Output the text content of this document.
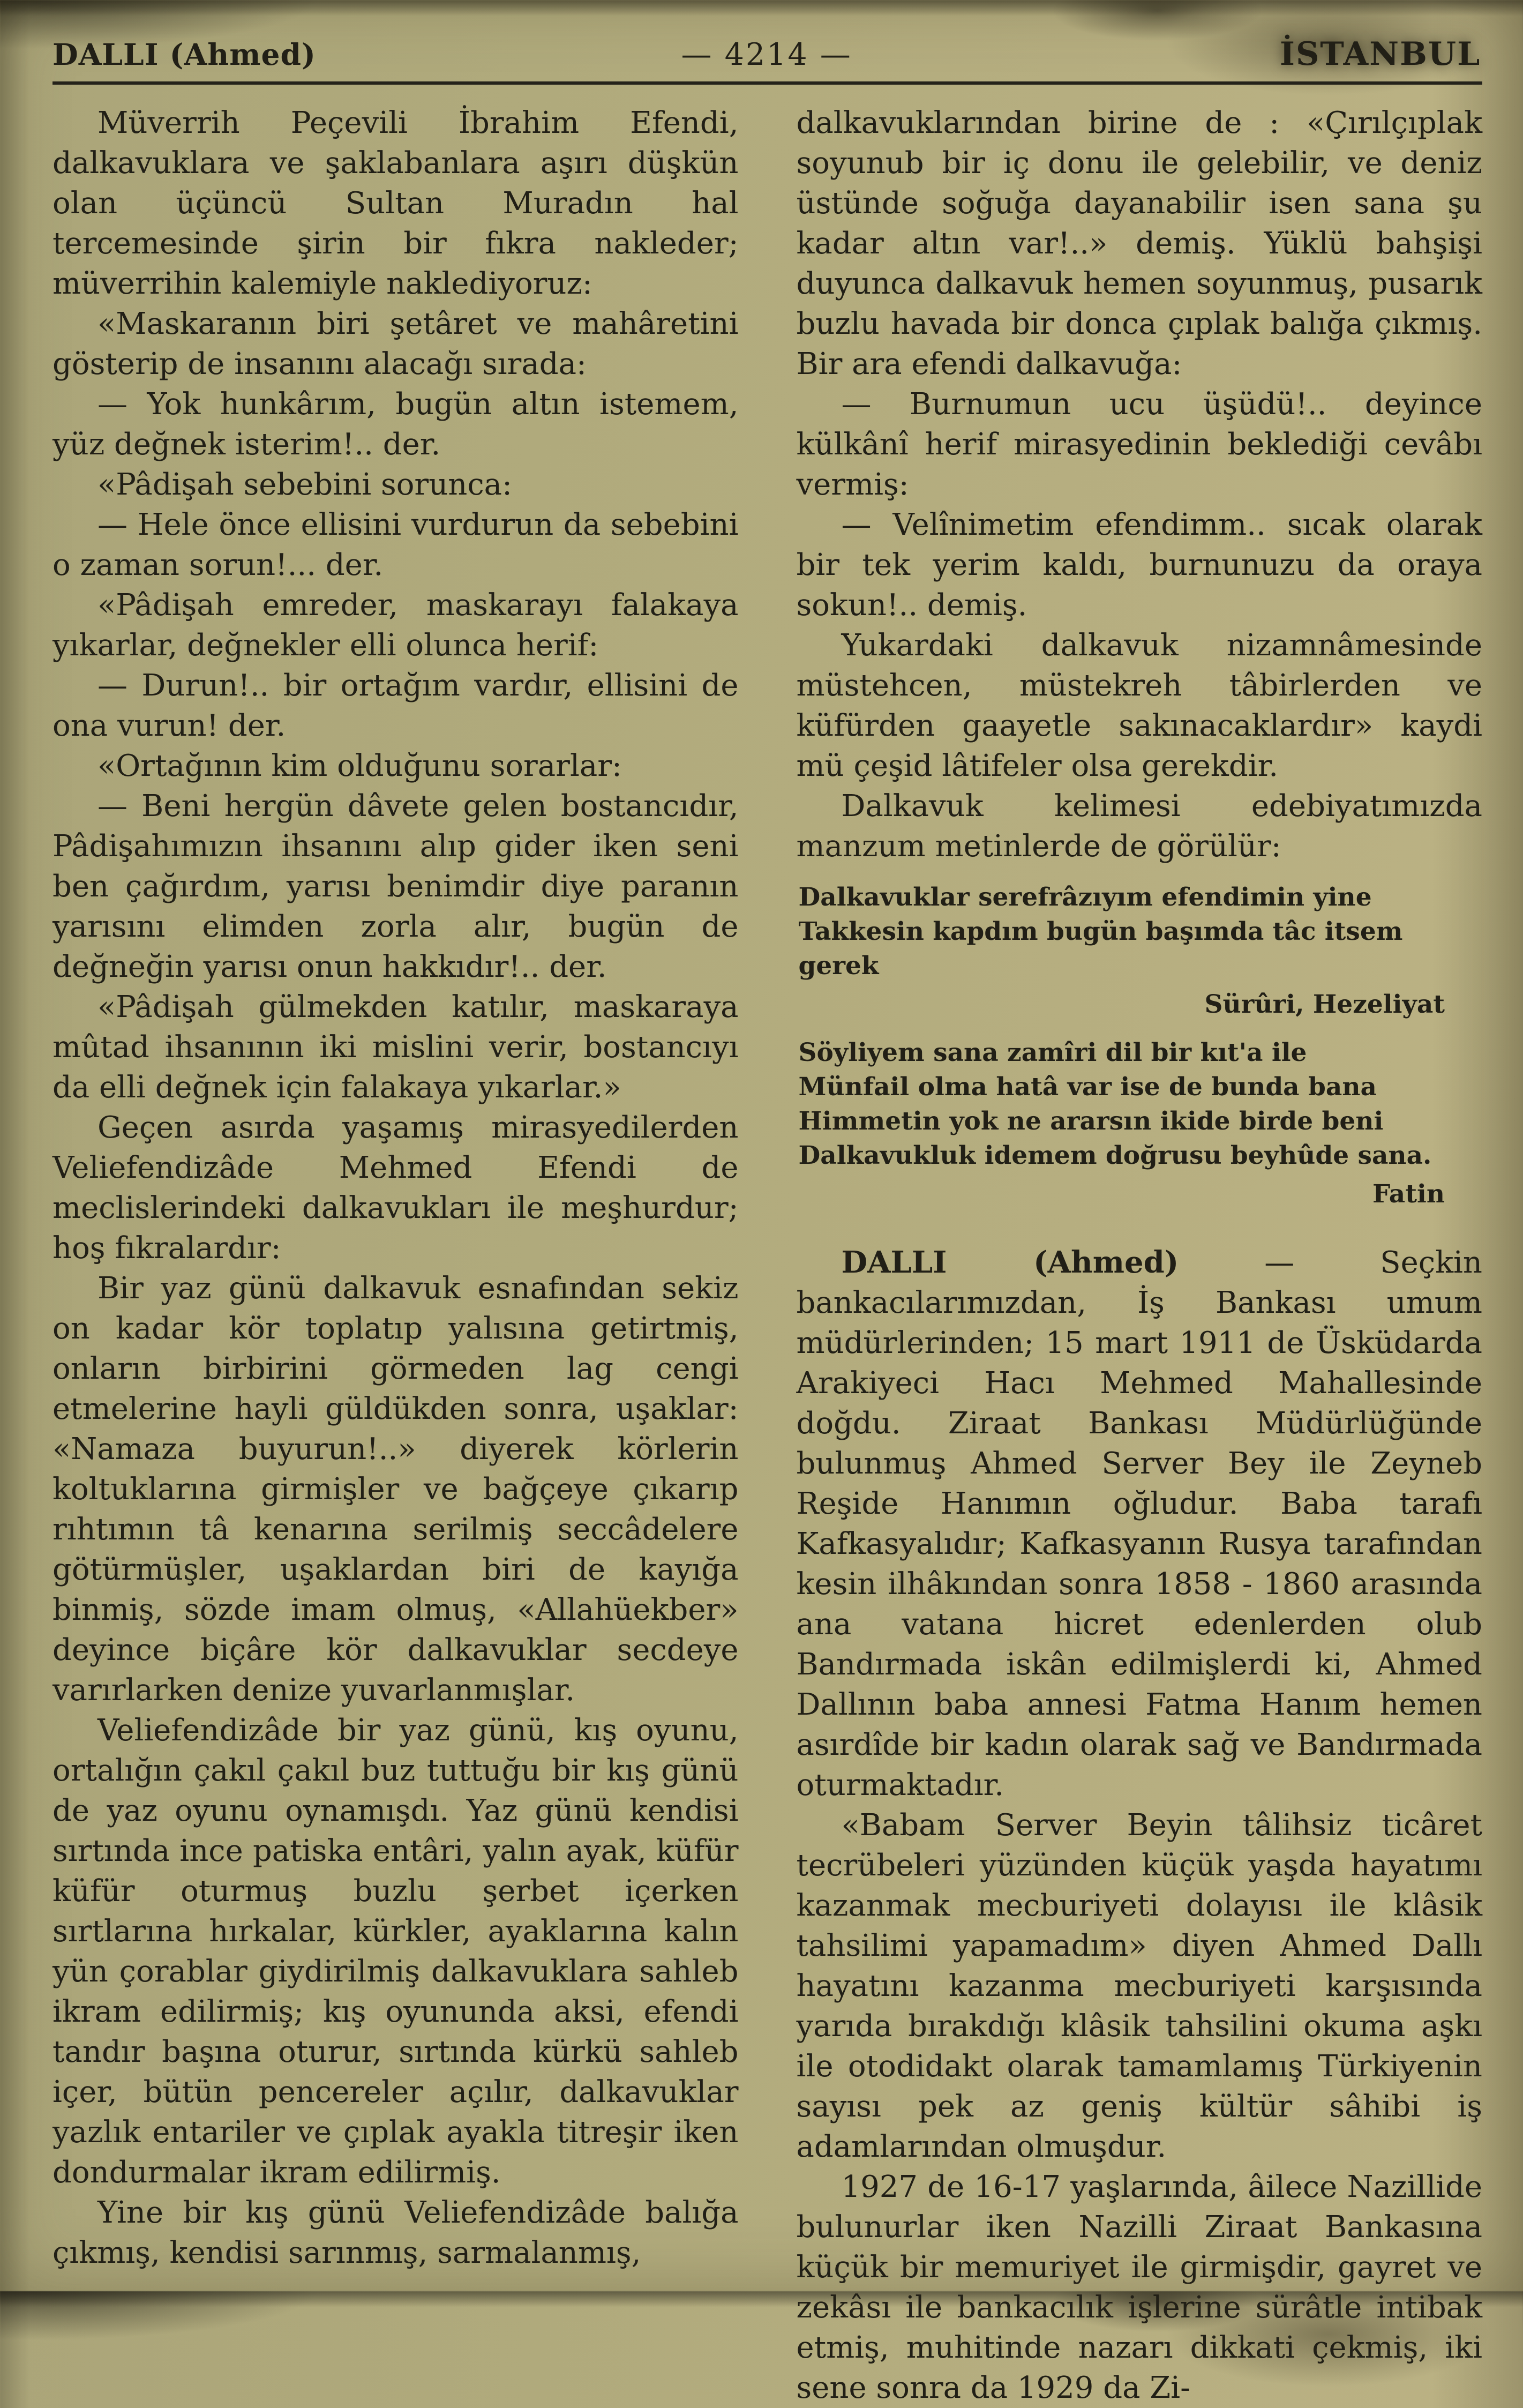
DALLI (Ahmed)	— 4214 —	İSTANBUL

Müverrih Peçevili İbrahim Efendi, dalkavuklara ve şaklabanlara aşırı düşkün olan üçüncü Sultan Muradın hal tercemesinde şirin bir fıkra nakleder; müverrihin kalemiyle naklediyoruz:

«Maskaranın biri şetâret ve mahâretini gösterip de insanını alacağı sırada:

— Yok hunkârım, bugün altın istemem, yüz değnek isterim!.. der.

«Pâdişah sebebini sorunca:

— Hele önce ellisini vurdurun da sebebini o zaman sorun!... der.

«Pâdişah emreder, maskarayı falakaya yıkarlar, değnekler elli olunca herif:

— Durun!.. bir ortağım vardır, ellisini de ona vurun! der.

«Ortağının kim olduğunu sorarlar:

— Beni hergün dâvete gelen bostancıdır, Pâdişahımızın ihsanını alıp gider iken seni ben çağırdım, yarısı benimdir diye paranın yarısını elimden zorla alır, bugün de değneğin yarısı onun hakkıdır!.. der.

«Pâdişah gülmekden katılır, maskaraya mûtad ihsanının iki mislini verir, bostancıyı da elli değnek için falakaya yıkarlar.»

Geçen asırda yaşamış mirasyedilerden Veliefendizâde Mehmed Efendi de meclislerindeki dalkavukları ile meşhurdur; hoş fıkralardır:

Bir yaz günü dalkavuk esnafından sekiz on kadar kör toplatıp yalısına getirtmiş, onların birbirini görmeden lag cengi etmelerine hayli güldükden sonra, uşaklar: «Namaza buyurun!..» diyerek körlerin koltuklarına girmişler ve bağçeye çıkarıp rıhtımın tâ kenarına serilmiş seccâdelere götürmüşler, uşaklardan biri de kayığa binmiş, sözde imam olmuş, «Allahüekber» deyince biçâre kör dalkavuklar secdeye varırlarken denize yuvarlanmışlar.

Veliefendizâde bir yaz günü, kış oyunu, ortalığın çakıl çakıl buz tuttuğu bir kış günü de yaz oyunu oynamışdı. Yaz günü kendisi sırtında ince patiska entâri, yalın ayak, küfür küfür oturmuş buzlu şerbet içerken sırtlarına hırkalar, kürkler, ayaklarına kalın yün çorablar giydirilmiş dalkavuklara sahleb ikram edilirmiş; kış oyununda aksi, efendi tandır başına oturur, sırtında kürkü sahleb içer, bütün pencereler açılır, dalkavuklar yazlık entariler ve çıplak ayakla titreşir iken dondurmalar ikram edilirmiş.

Yine bir kış günü Veliefendizâde balığa çıkmış, kendisi sarınmış, sarmalanmış,

dalkavuklarından birine de : «Çırılçıplak soyunub bir iç donu ile gelebilir, ve deniz üstünde soğuğa dayanabilir isen sana şu kadar altın var!..» demiş. Yüklü bahşişi duyunca dalkavuk hemen soyunmuş, pusarık buzlu havada bir donca çıplak balığa çıkmış. Bir ara efendi dalkavuğa:

— Burnumun ucu üşüdü!.. deyince külkânî herif mirasyedinin beklediği cevâbı vermiş:

— Velînimetim efendimm.. sıcak olarak bir tek yerim kaldı, burnunuzu da oraya sokun!.. demiş.

Yukardaki dalkavuk nizamnâmesinde müstehcen, müstekreh tâbirlerden ve küfürden gaayetle sakınacaklardır» kaydi mü çeşid lâtifeler olsa gerekdir.

Dalkavuk kelimesi edebiyatımızda manzum metinlerde de görülür:

Dalkavuklar serefrâzıyım efendimin yine
Takkesin kapdım bugün başımda tâc itsem gerek
Sürûri, Hezeliyat
Söyliyem sana zamîri dil bir kıt'a ile
Münfail olma hatâ var ise de bunda bana
Himmetin yok ne ararsın ikide birde beni
Dalkavukluk idemem doğrusu beyhûde sana.
Fatin

DALLI (Ahmed) — Seçkin bankacılarımızdan, İş Bankası umum müdürlerinden; 15 mart 1911 de Üsküdarda Arakiyeci Hacı Mehmed Mahallesinde doğdu. Ziraat Bankası Müdürlüğünde bulunmuş Ahmed Server Bey ile Zeyneb Reşide Hanımın oğludur. Baba tarafı Kafkasyalıdır; Kafkasyanın Rusya tarafından kesin ilhâkından sonra 1858 - 1860 arasında ana vatana hicret edenlerden olub Bandırmada iskân edilmişlerdi ki, Ahmed Dallının baba annesi Fatma Hanım hemen asırdîde bir kadın olarak sağ ve Bandırmada oturmaktadır.

«Babam Server Beyin tâlihsiz ticâret tecrübeleri yüzünden küçük yaşda hayatımı kazanmak mecburiyeti dolayısı ile klâsik tahsilimi yapamadım» diyen Ahmed Dallı hayatını kazanma mecburiyeti karşısında yarıda bırakdığı klâsik tahsilini okuma aşkı ile otodidakt olarak tamamlamış Türkiyenin sayısı pek az geniş kültür sâhibi iş adamlarından olmuşdur.

1927 de 16-17 yaşlarında, âilece Nazillide bulunurlar iken Nazilli Ziraat Bankasına küçük bir memuriyet ile girmişdir, gayret ve zekâsı ile bankacılık işlerine sürâtle intibak etmiş, muhitinde nazarı dikkati çekmiş, iki sene sonra da 1929 da Zi-
